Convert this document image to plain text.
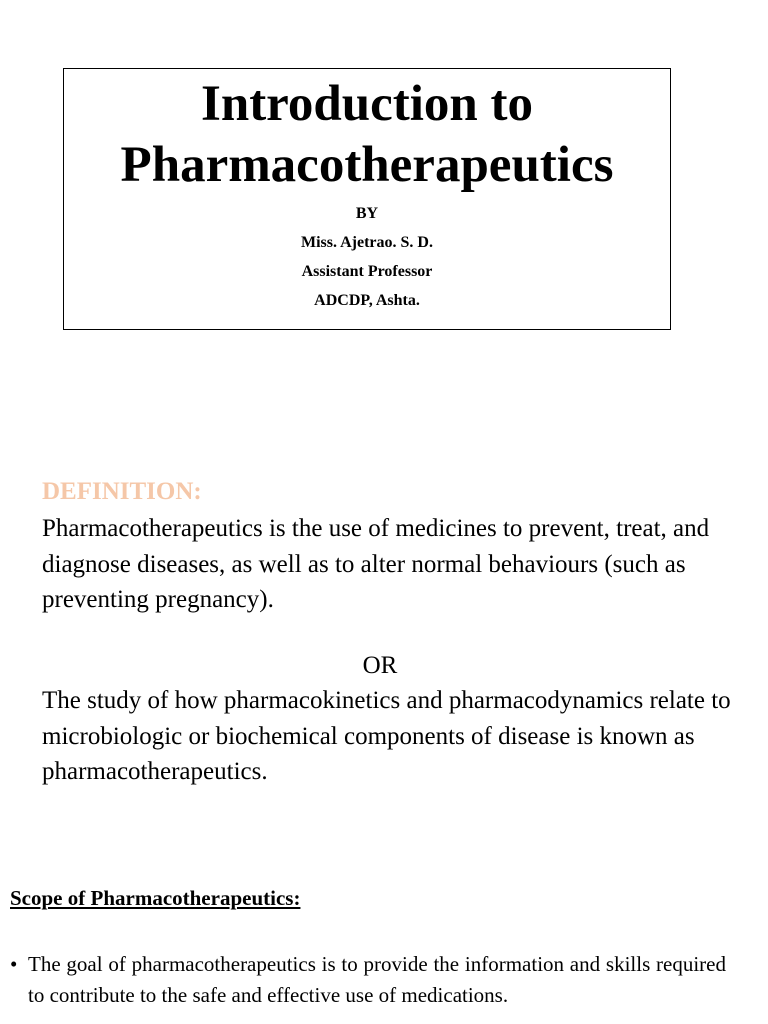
Introduction to

Pharmacotherapeutics

BY

Miss. Ajetrao. S. D.

Assistant Professor

ADCDP, Ashta.

DEFINITION:

Pharmacotherapeutics is the use of medicines to prevent, treat, and diagnose diseases, as well as to alter normal behaviours (such as preventing pregnancy).

OR

The study of how pharmacokinetics and pharmacodynamics relate to microbiologic or biochemical components of disease is known as pharmacotherapeutics.

Scope of Pharmacotherapeutics:

• The goal of pharmacotherapeutics is to provide the information and skills required to contribute to the safe and effective use of medications.
